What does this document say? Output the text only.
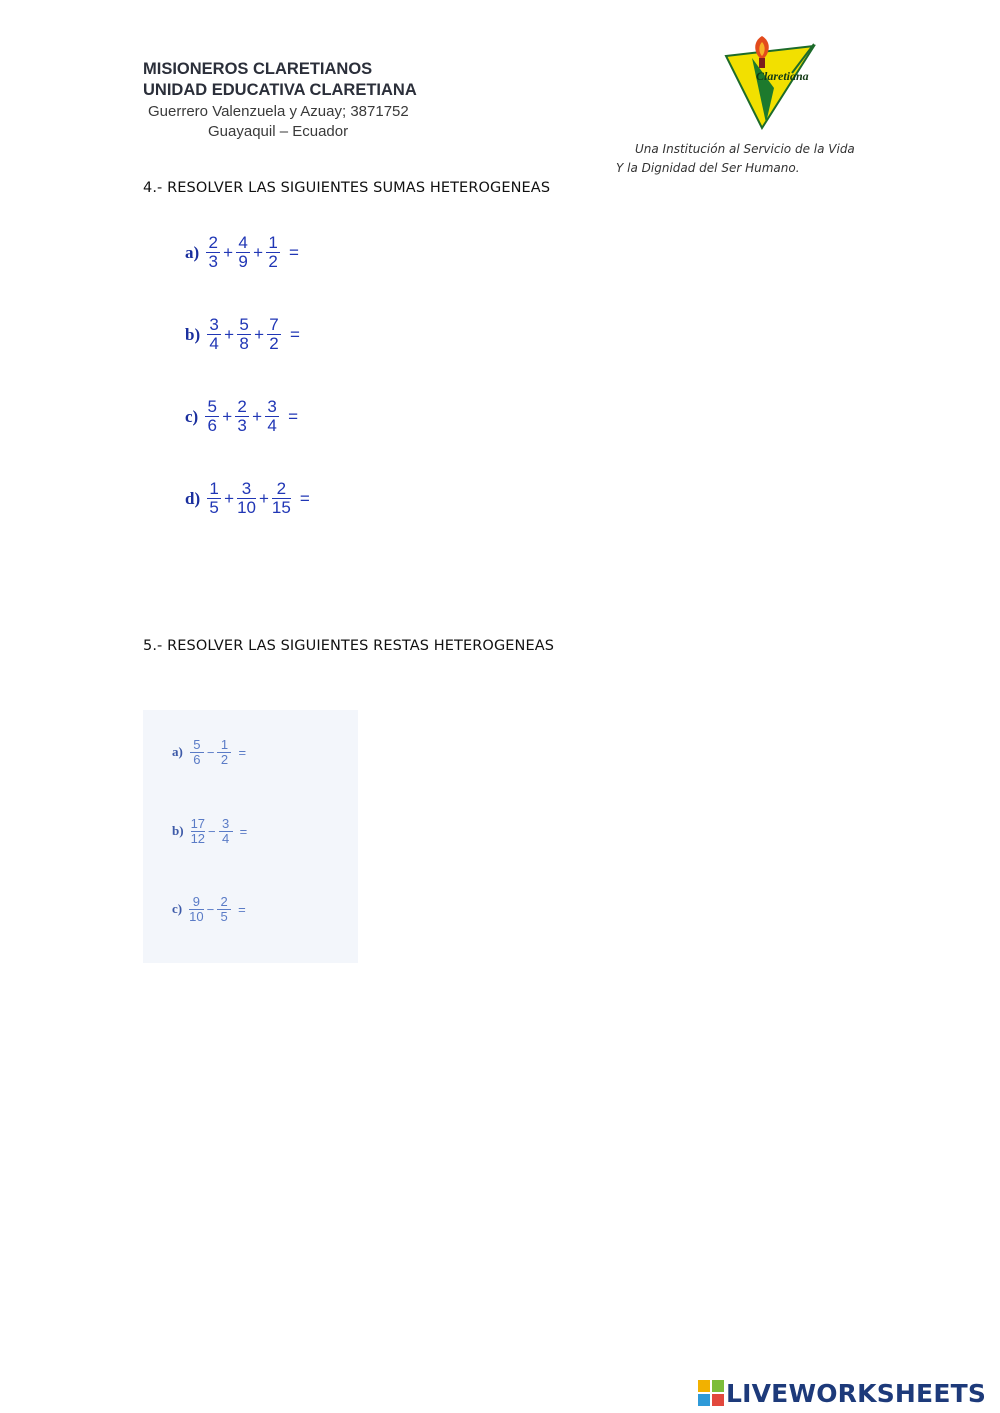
MISIONEROS CLARETIANOS
UNIDAD EDUCATIVA CLARETIANA
Guerrero Valenzuela y Azuay; 3871752
Guayaquil – Ecuador
Claretiana
Una Institución al Servicio de la Vida
Y la Dignidad del Ser Humano.
4.- RESOLVER LAS SIGUIENTES SUMAS HETEROGENEAS
$a) \frac{2}{3} + \frac{4}{9} + \frac{1}{2}$ =
$b) \frac{3}{4} + \frac{5}{8} + \frac{7}{2}$ =
$c) \frac{5}{6} + \frac{2}{3} + \frac{3}{4}$ =
$d) \frac{1}{5} + \frac{3}{10} + \frac{2}{15}$ =
5.- RESOLVER LAS SIGUIENTES RESTAS HETEROGENEAS
$a) \frac{5}{6} - \frac{1}{2}$ =
$b) \frac{17}{12} - \frac{3}{4}$ =
$c) \frac{9}{10} - \frac{2}{5}$ =
LIVEWORKSHEETS
